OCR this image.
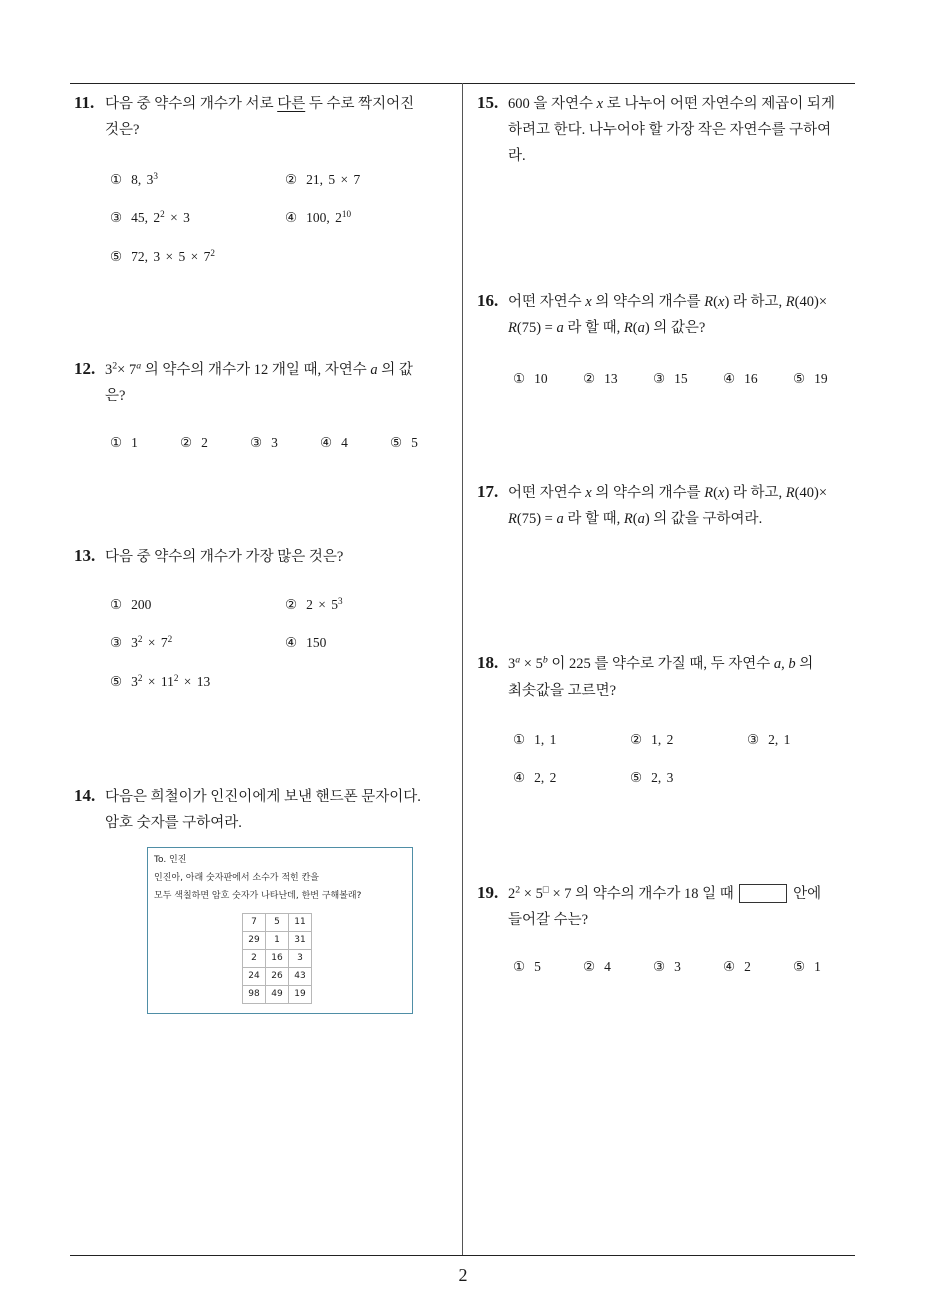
11. 다음 중 약수의 개수가 서로 다른 두 수로 짝지어진
것은?
① 8, $3^3$	② 21, 5 × 7
③ 45, $2^2 \times 3$	④ 100, $2^{10}$
⑤ 72, $3 \times 5 \times 7^2$
12. $3^2\times 7^a$ 의 약수의 개수가 12 개일 때, 자연수 a 의 값
은?
① 1	② 2	③ 3	④ 4	⑤ 5
13. 다음 중 약수의 개수가 가장 많은 것은?
① 200	② $2 \times 5^3$
③ $3^2 \times 7^2$	④ 150
⑤ $3^2 \times 11^2 \times 13$
14. 다음은 희철이가 인진이에게 보낸 핸드폰 문자이다.
암호 숫자를 구하여라.
To. 인진
인진아, 아래 숫자판에서 소수가 적힌 칸을
모두 색칠하면 암호 숫자가 나타난데, 한번 구해볼래?
7	5	11
29	1	31
2	16	3
24	26	43
98	49	19
15. 600 을 자연수 x 로 나누어 어떤 자연수의 제곱이 되게
하려고 한다. 나누어야 할 가장 작은 자연수를 구하여
라.
16. 어떤 자연수 x 의 약수의 개수를 R(x) 라 하고, R(40)×
R(75) = a 라 할 때, R(a) 의 값은?
① 10	② 13	③ 15	④ 16	⑤ 19
17. 어떤 자연수 x 의 약수의 개수를 R(x) 라 하고, R(40)×
R(75) = a 라 할 때, R(a) 의 값을 구하여라.
18. $3^a \times 5^b$ 이 225 를 약수로 가질 때, 두 자연수 a, b 의
최솟값을 고르면?
① 1, 1	② 1, 2	③ 2, 1
④ 2, 2	⑤ 2, 3
19. $2^2 \times 5^□ \times 7$ 의 약수의 개수가 18 일 때	안에
들어갈 수는?
① 5	② 4	③ 3	④ 2	⑤ 1
2
